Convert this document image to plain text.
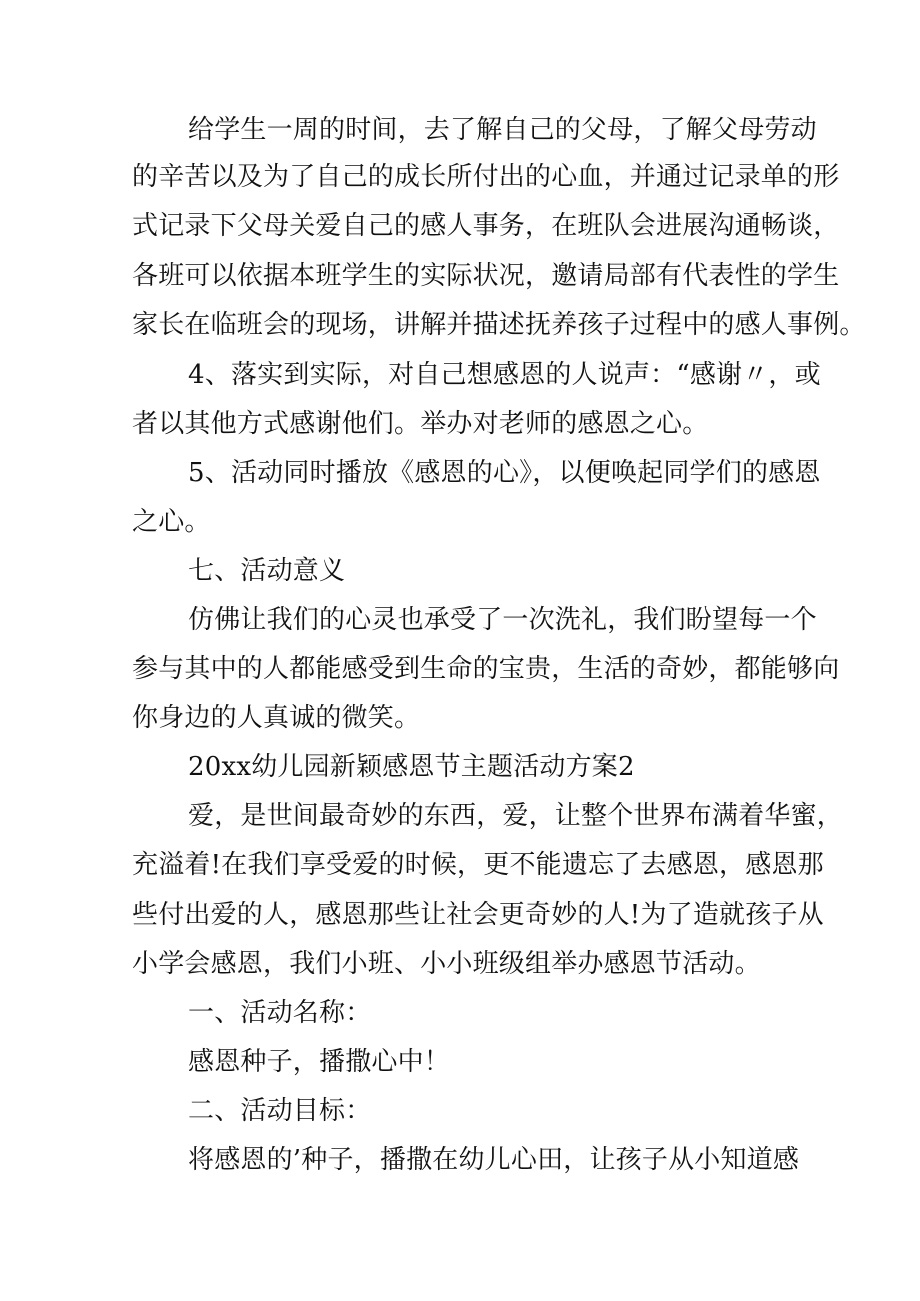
给学生一周的时间，去了解自己的父母，了解父母劳动
的辛苦以及为了自己的成长所付出的心血，并通过记录单的形
式记录下父母关爱自己的感人事务，在班队会进展沟通畅谈，
各班可以依据本班学生的实际状况，邀请局部有代表性的学生
家长在临班会的现场，讲解并描述抚养孩子过程中的感人事例。
4、落实到实际，对自己想感恩的人说声：“感谢〃，或
者以其他方式感谢他们。举办对老师的感恩之心。
5、活动同时播放《感恩的心》，以便唤起同学们的感恩
之心。
七、活动意义
仿佛让我们的心灵也承受了一次洗礼，我们盼望每一个
参与其中的人都能感受到生命的宝贵，生活的奇妙，都能够向
你身边的人真诚的微笑。
20xx幼儿园新颖感恩节主题活动方案2
爱，是世间最奇妙的东西，爱，让整个世界布满着华蜜，
充溢着!在我们享受爱的时候，更不能遗忘了去感恩，感恩那
些付出爱的人，感恩那些让社会更奇妙的人!为了造就孩子从
小学会感恩，我们小班、小小班级组举办感恩节活动。
一、活动名称：
感恩种子，播撒心中！
二、活动目标：
将感恩的’种子，播撒在幼儿心田，让孩子从小知道感
